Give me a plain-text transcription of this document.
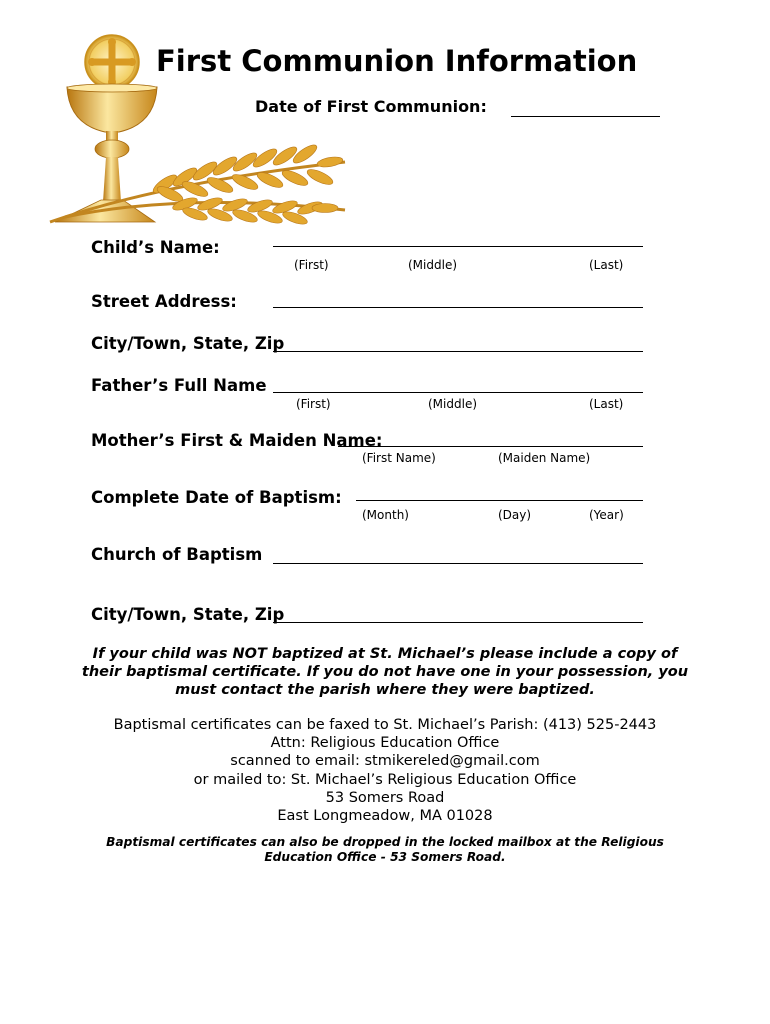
First Communion Information
Date of First Communion:
Child’s Name:
(First)	(Middle)	(Last)
Street Address:
City/Town, State, Zip
Father’s Full Name
(First)	(Middle)	(Last)
Mother’s First & Maiden Name:
(First Name)	(Maiden Name)
Complete Date of Baptism:
(Month)	(Day)	(Year)
Church of Baptism
City/Town, State, Zip
If your child was NOT baptized at St. Michael’s please include a copy of their baptismal certificate. If you do not have one in your possession, you must contact the parish where they were baptized.
Baptismal certificates can be faxed to St. Michael’s Parish: (413) 525-2443
Attn: Religious Education Office
scanned to email: stmikereled@gmail.com
or mailed to: St. Michael’s Religious Education Office
53 Somers Road
East Longmeadow, MA 01028
Baptismal certificates can also be dropped in the locked mailbox at the Religious Education Office - 53 Somers Road.
